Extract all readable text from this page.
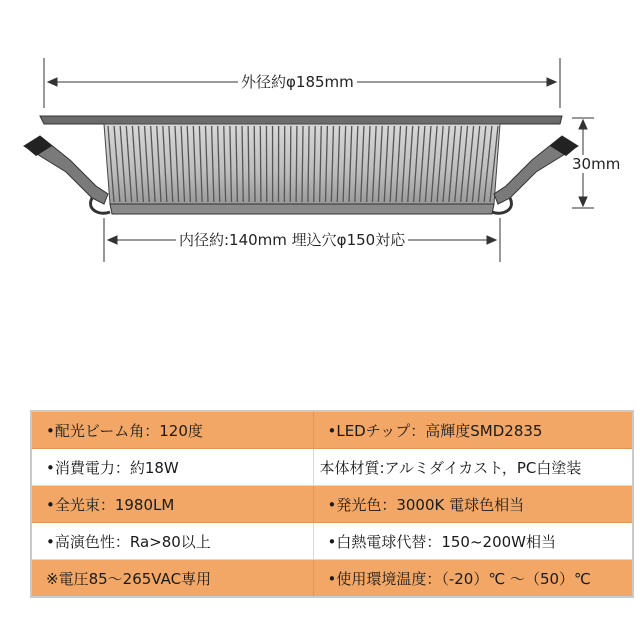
外径約φ185mm
30mm
内径約:140mm 埋込穴φ150対応
•配光ビーム角：120度	•LEDチップ：高輝度SMD2835
•消費電力：約18W	本体材質:アルミダイカスト，PC白塗装
•全光束：1980LM	•発光色：3000K 電球色相当
•高演色性：Ra>80以上	•白熱電球代替：150~200W相当
※電圧85～265VAC専用	•使用環境温度：（-20）℃ ～（50）℃
